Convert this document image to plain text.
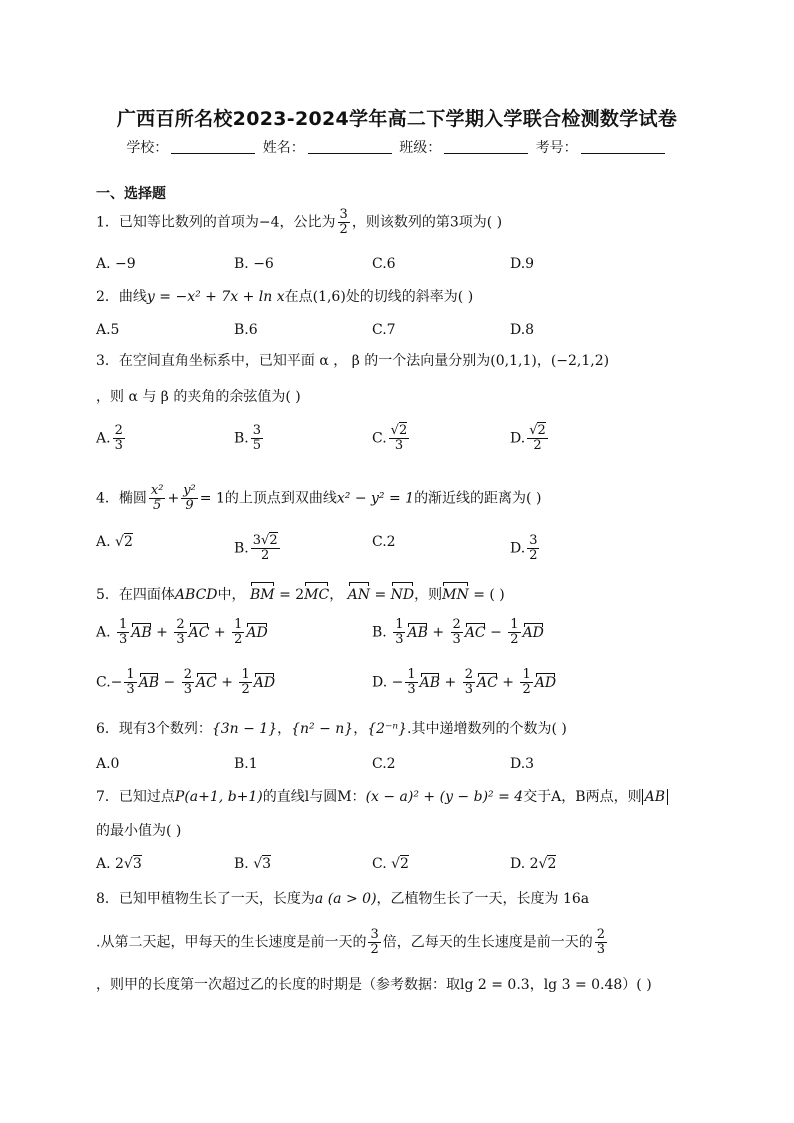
广西百所名校2023-2024学年高二下学期入学联合检测数学试卷
学校：	姓名：	班级：	考号：
一、选择题
1．已知等比数列的首项为−4，公比为 $\frac{3}{2}$ ，则该数列的第3项为( )
A. −9	B. −6	C.6	D.9
2．曲线y = −x² + 7x + ln x在点(1,6)处的切线的斜率为( )
A.5	B.6	C.7	D.8
3．在空间直角坐标系中，已知平面 α ， β 的一个法向量分别为(0,1,1)，(−2,1,2)
，则 α 与 β 的夹角的余弦值为( )
A. $\frac{2}{3}$	B. $\frac{3}{5}$	C. $\frac{√2}{3}$	D. $\frac{√2}{2}$
4．椭圆 $\frac{\text{x²}}{5} + \frac{\text{y²}}{9} = 1$的上顶点到双曲线x² − y² = 1的渐近线的距离为( )
A. √2	B. $\frac{3√2}{2}$	C.2	D. $\frac{3}{2}$
5．在四面体ABCD中， BM = 2MC， AN = ND，则MN = ( )
A. $\frac{1}{3}$ AB + $\frac{2}{3}$ AC + $\frac{1}{2}$ AD	B. $\frac{1}{3}$ AB + $\frac{2}{3}$ AC − $\frac{1}{2}$ AD
$C.- \frac{1}{3}$ AB − $\frac{2}{3}$ AC + $\frac{1}{2}$ AD	D. − $\frac{1}{3}$ AB + $\frac{2}{3}$ AC + $\frac{1}{2}$ AD
6．现有3个数列：{3n − 1}，{n² − n}，{2⁻ⁿ}.其中递增数列的个数为( )
A.0	B.1	C.2	D.3
7．已知过点P(a+1, b+1)的直线l与圆M：(x − a)² + (y − b)² = 4交于A，B两点，则 AB
的最小值为( )
A. 2√3	B. √3	C. √2	D. 2√2
8．已知甲植物生长了一天，长度为a (a > 0)，乙植物生长了一天，长度为 16a
.从第二天起，甲每天的生长速度是前一天的 $\frac{3}{2}$ 倍，乙每天的生长速度是前一天的 $\frac{2}{3}$
，则甲的长度第一次超过乙的长度的时期是（参考数据：取lg 2 = 0.3，lg 3 = 0.48）( )
